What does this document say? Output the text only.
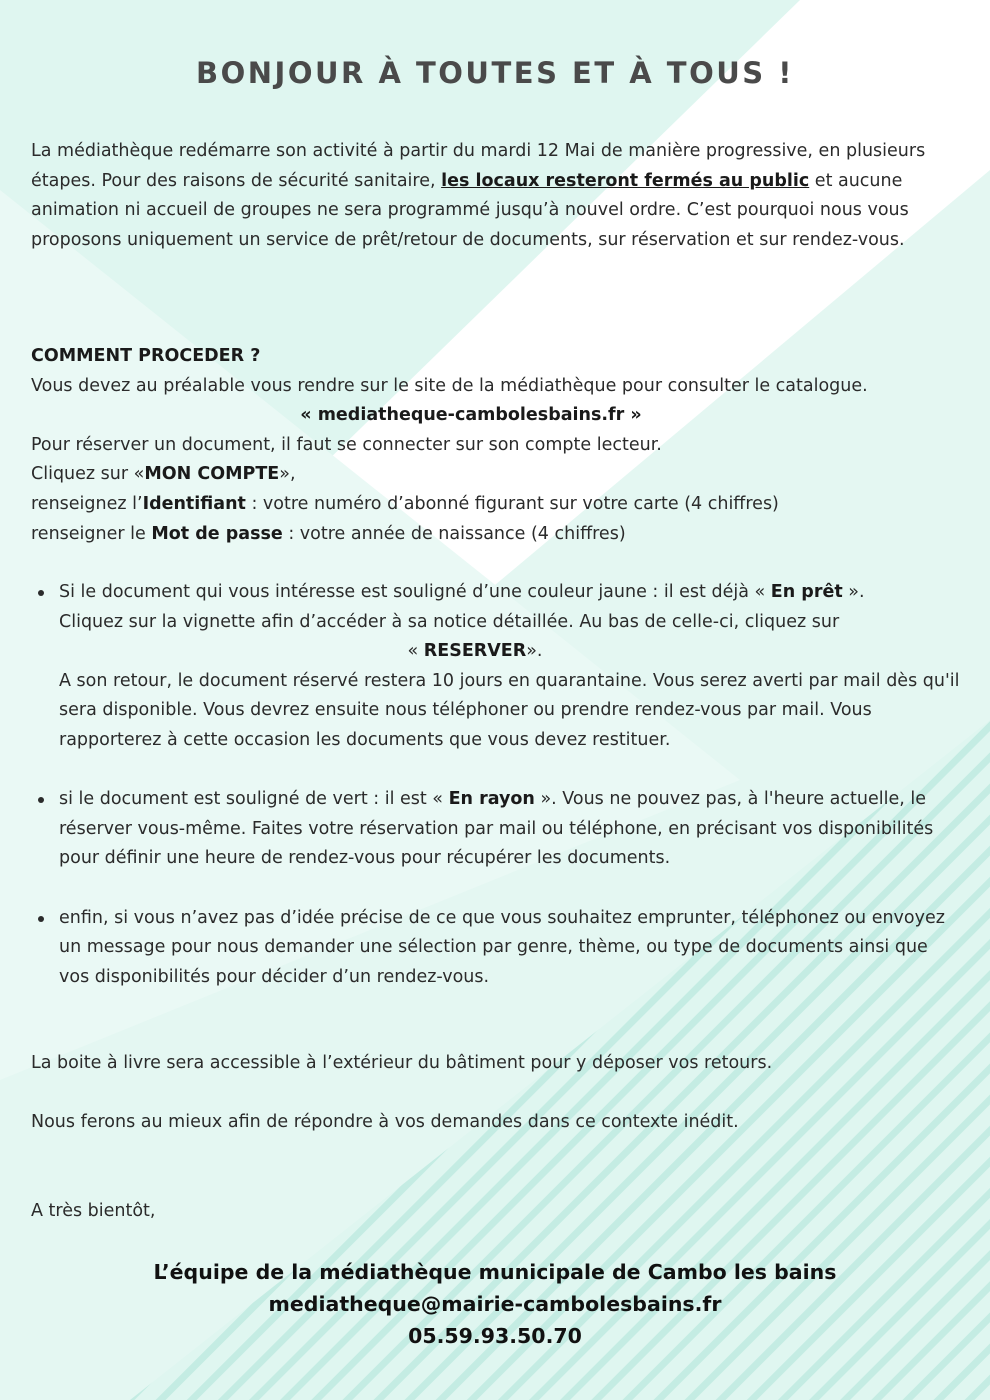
BONJOUR À TOUTES ET À TOUS !

La médiathèque redémarre son activité à partir du mardi 12 Mai de manière progressive, en plusieurs étapes. Pour des raisons de sécurité sanitaire, les locaux resteront fermés au public et aucune animation ni accueil de groupes ne sera programmé jusqu’à nouvel ordre. C’est pourquoi nous vous proposons uniquement un service de prêt/retour de documents, sur réservation et sur rendez-vous.

COMMENT PROCEDER ?

Vous devez au préalable vous rendre sur le site de la médiathèque pour consulter le catalogue.

« mediatheque-cambolesbains.fr »

Pour réserver un document, il faut se connecter sur son compte lecteur.

Cliquez sur «MON COMPTE»,

renseignez l’Identifiant : votre numéro d’abonné figurant sur votre carte (4 chiffres)

renseigner le Mot de passe : votre année de naissance (4 chiffres)

Si le document qui vous intéresse est souligné d’une couleur jaune : il est déjà « En prêt ».

Cliquez sur la vignette afin d’accéder à sa notice détaillée. Au bas de celle-ci, cliquez sur

« RESERVER».

A son retour, le document réservé restera 10 jours en quarantaine. Vous serez averti par mail dès qu'il sera disponible. Vous devrez ensuite nous téléphoner ou prendre rendez-vous par mail. Vous rapporterez à cette occasion les documents que vous devez restituer.

si le document est souligné de vert : il est « En rayon ». Vous ne pouvez pas, à l'heure actuelle, le réserver vous-même. Faites votre réservation par mail ou téléphone, en précisant vos disponibilités pour définir une heure de rendez-vous pour récupérer les documents.

enfin, si vous n’avez pas d’idée précise de ce que vous souhaitez emprunter, téléphonez ou envoyez un message pour nous demander une sélection par genre, thème, ou type de documents ainsi que vos disponibilités pour décider d’un rendez-vous.

La boite à livre sera accessible à l’extérieur du bâtiment pour y déposer vos retours.

Nous ferons au mieux afin de répondre à vos demandes dans ce contexte inédit.

A très bientôt,

L’équipe de la médiathèque municipale de Cambo les bains
mediatheque@mairie-cambolesbains.fr
05.59.93.50.70
